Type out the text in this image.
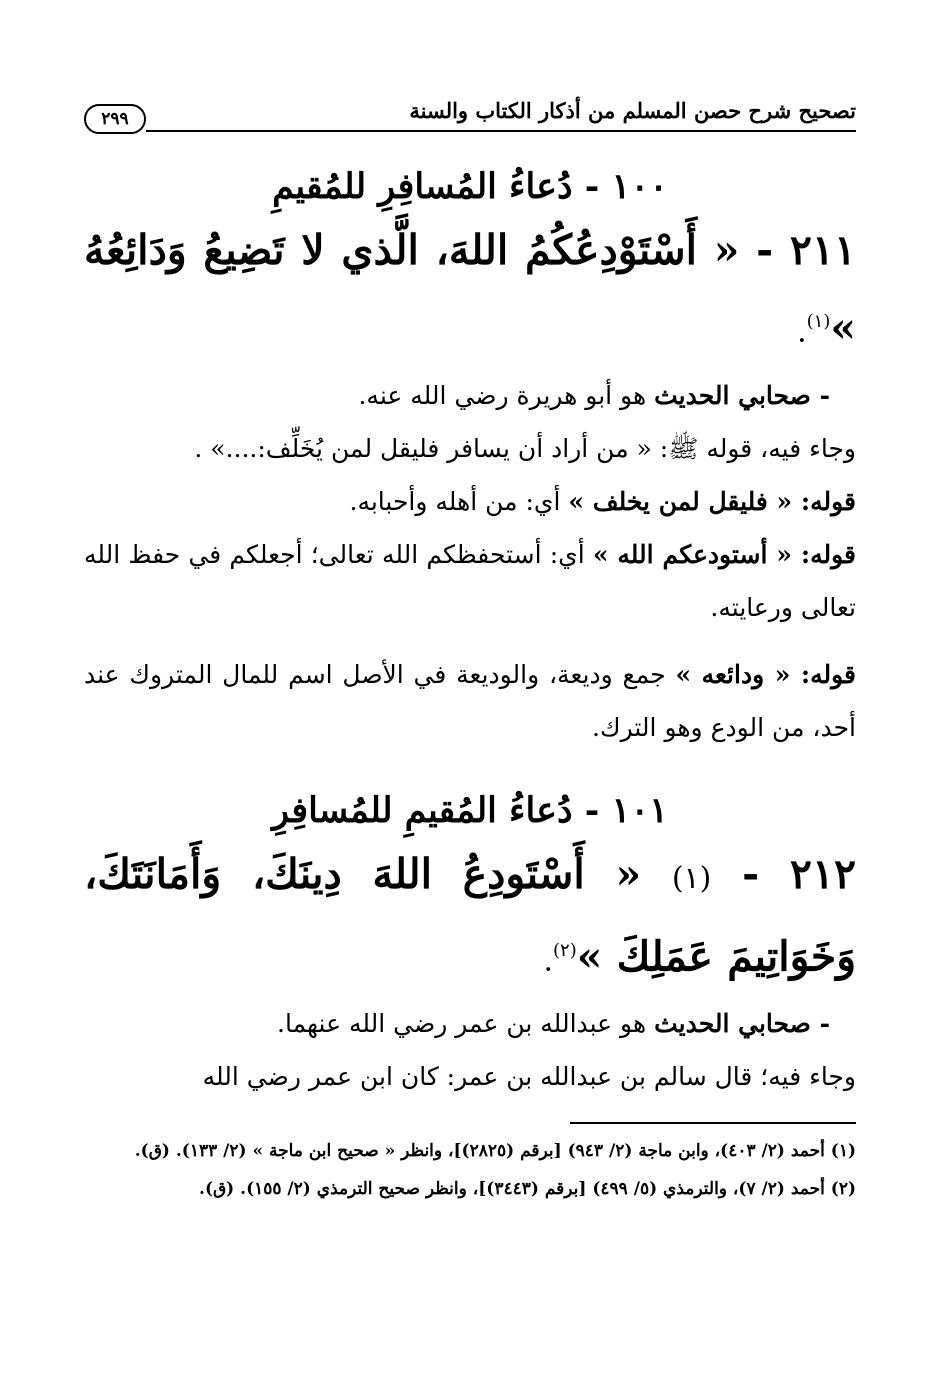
تصحيح شرح حصن المسلم من أذكار الكتاب والسنة
٢٩٩
١٠٠ - دُعاءُ المُسافِرِ للمُقيمِ

٢١١ - « أَسْتَوْدِعُكُمُ اللهَ، الَّذي لا تَضِيعُ وَدَائِعُهُ »$^{(١)}$.

- صحابي الحديث هو أبو هريرة رضي الله عنه.

وجاء فيه، قوله ﷺ: « من أراد أن يسافر فليقل لمن يُخَلِّف:....» .

قوله: « فليقل لمن يخلف » أي: من أهله وأحبابه.

قوله: « أستودعكم الله » أي: أستحفظكم الله تعالى؛ أجعلكم في حفظ الله تعالى ورعايته.

قوله: « ودائعه » جمع وديعة، والوديعة في الأصل اسم للمال المتروك عند أحد، من الودع وهو الترك.

١٠١ - دُعاءُ المُقيمِ للمُسافِرِ

٢١٢ - (١) « أَسْتَودِعُ اللهَ دِينَكَ، وَأَمَانَتَكَ، وَخَوَاتِيمَ عَمَلِكَ »$^{(٢)}$.

- صحابي الحديث هو عبدالله بن عمر رضي الله عنهما.

وجاء فيه؛ قال سالم بن عبدالله بن عمر: كان ابن عمر رضي الله

(١) أحمد (٢/ ٤٠٣)، وابن ماجة (٢/ ٩٤٣) [برقم (٢٨٢٥)]، وانظر « صحيح ابن ماجة » (٢/ ١٣٣). (ق).

(٢) أحمد (٢/ ٧)، والترمذي (٥/ ٤٩٩) [برقم (٣٤٤٣)]، وانظر صحيح الترمذي (٢/ ١٥٥). (ق).
